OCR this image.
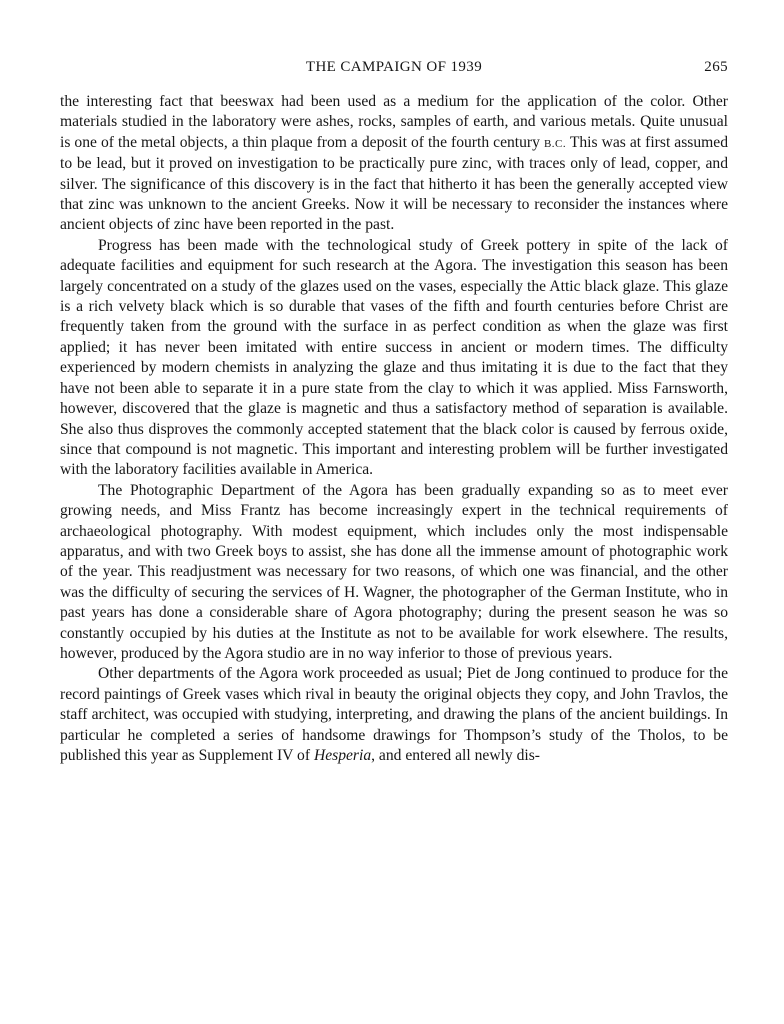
THE CAMPAIGN OF 1939	265

the interesting fact that beeswax had been used as a medium for the application of the color. Other materials studied in the laboratory were ashes, rocks, samples of earth, and various metals. Quite unusual is one of the metal objects, a thin plaque from a deposit of the fourth century B.C. This was at first assumed to be lead, but it proved on investigation to be practically pure zinc, with traces only of lead, copper, and silver. The significance of this discovery is in the fact that hitherto it has been the generally accepted view that zinc was unknown to the ancient Greeks. Now it will be necessary to reconsider the instances where ancient objects of zinc have been reported in the past.

Progress has been made with the technological study of Greek pottery in spite of the lack of adequate facilities and equipment for such research at the Agora. The investigation this season has been largely concentrated on a study of the glazes used on the vases, especially the Attic black glaze. This glaze is a rich velvety black which is so durable that vases of the fifth and fourth centuries before Christ are frequently taken from the ground with the surface in as perfect condition as when the glaze was first applied; it has never been imitated with entire success in ancient or modern times. The difficulty experienced by modern chemists in analyzing the glaze and thus imitating it is due to the fact that they have not been able to separate it in a pure state from the clay to which it was applied. Miss Farnsworth, however, discovered that the glaze is magnetic and thus a satisfactory method of separation is available. She also thus disproves the commonly accepted statement that the black color is caused by ferrous oxide, since that compound is not magnetic. This important and interesting problem will be further investigated with the laboratory facilities available in America.

The Photographic Department of the Agora has been gradually expanding so as to meet ever growing needs, and Miss Frantz has become increasingly expert in the technical requirements of archaeological photography. With modest equipment, which includes only the most indispensable apparatus, and with two Greek boys to assist, she has done all the immense amount of photographic work of the year. This readjustment was necessary for two reasons, of which one was financial, and the other was the difficulty of securing the services of H. Wagner, the photographer of the German Institute, who in past years has done a considerable share of Agora photography; during the present season he was so constantly occupied by his duties at the Institute as not to be available for work elsewhere. The results, however, produced by the Agora studio are in no way inferior to those of previous years.

Other departments of the Agora work proceeded as usual; Piet de Jong continued to produce for the record paintings of Greek vases which rival in beauty the original objects they copy, and John Travlos, the staff architect, was occupied with studying, interpreting, and drawing the plans of the ancient buildings. In particular he completed a series of handsome drawings for Thompson’s study of the Tholos, to be published this year as Supplement IV of Hesperia, and entered all newly dis-
